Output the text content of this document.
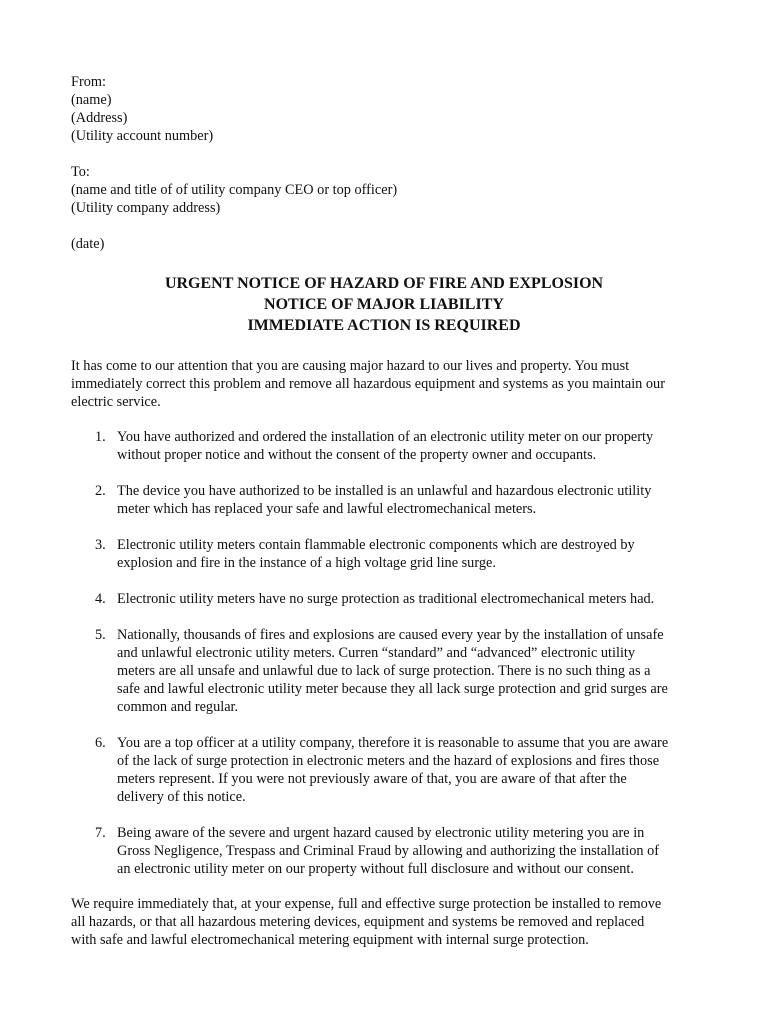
From:
(name)
(Address)
(Utility account number)
To:
(name and title of of utility company CEO or top officer)
(Utility company address)
(date)
URGENT NOTICE OF HAZARD OF FIRE AND EXPLOSION
NOTICE OF MAJOR LIABILITY
IMMEDIATE ACTION IS REQUIRED
It has come to our attention that you are causing major hazard to our lives and property. You must
immediately correct this problem and remove all hazardous equipment and systems as you maintain our
electric service.
1. You have authorized and ordered the installation of an electronic utility meter on our property
without proper notice and without the consent of the property owner and occupants.
2. The device you have authorized to be installed is an unlawful and hazardous electronic utility
meter which has replaced your safe and lawful electromechanical meters.
3. Electronic utility meters contain flammable electronic components which are destroyed by
explosion and fire in the instance of a high voltage grid line surge.
4. Electronic utility meters have no surge protection as traditional electromechanical meters had.
5. Nationally, thousands of fires and explosions are caused every year by the installation of unsafe
and unlawful electronic utility meters. Curren “standard” and “advanced” electronic utility
meters are all unsafe and unlawful due to lack of surge protection. There is no such thing as a
safe and lawful electronic utility meter because they all lack surge protection and grid surges are
common and regular.
6. You are a top officer at a utility company, therefore it is reasonable to assume that you are aware
of the lack of surge protection in electronic meters and the hazard of explosions and fires those
meters represent. If you were not previously aware of that, you are aware of that after the
delivery of this notice.
7. Being aware of the severe and urgent hazard caused by electronic utility metering you are in
Gross Negligence, Trespass and Criminal Fraud by allowing and authorizing the installation of
an electronic utility meter on our property without full disclosure and without our consent.
We require immediately that, at your expense, full and effective surge protection be installed to remove
all hazards, or that all hazardous metering devices, equipment and systems be removed and replaced
with safe and lawful electromechanical metering equipment with internal surge protection.
